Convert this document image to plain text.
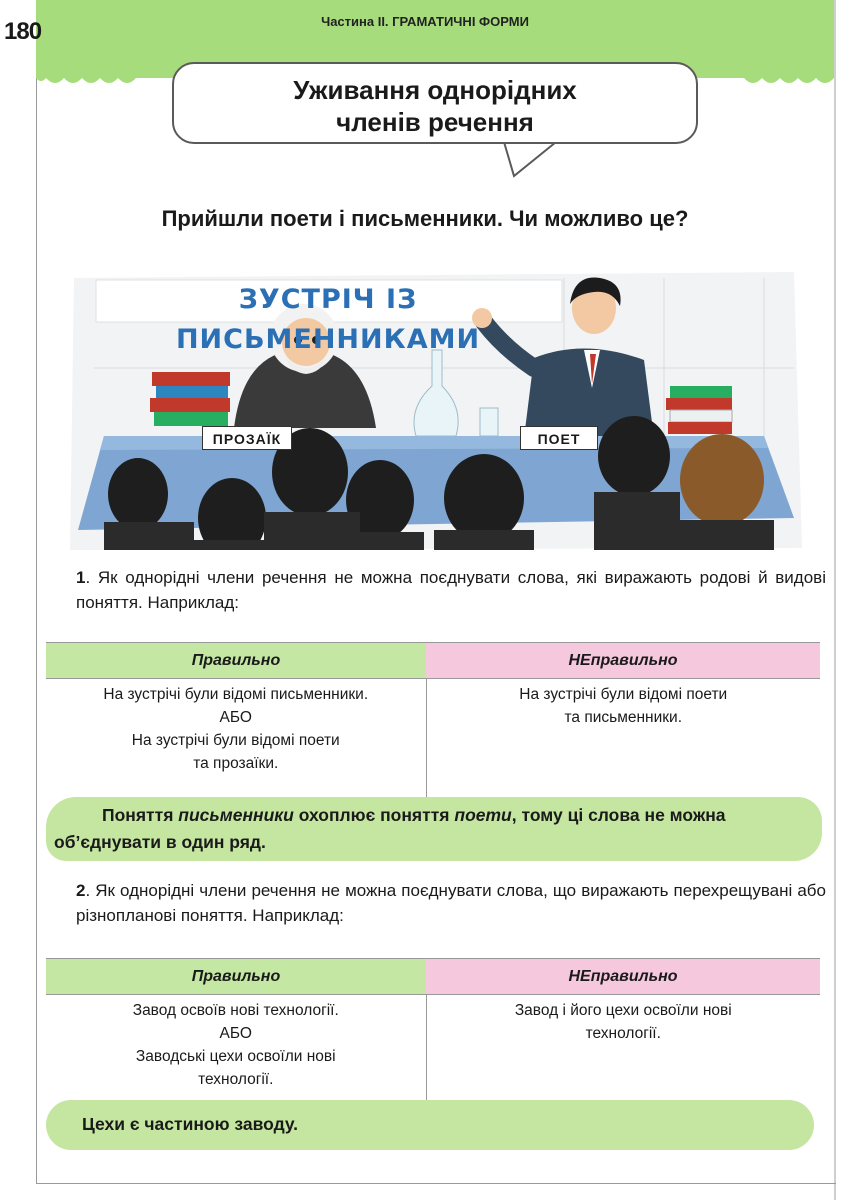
180	Частина ІІ. ГРАМАТИЧНІ ФОРМИ
Уживання однорідних
членів речення
Прийшли поети і письменники. Чи можливо це?
ЗУСТРІЧ ІЗ ПИСЬМЕННИКАМИ
ПРОЗАЇК	ПОЕТ
1. Як однорідні члени речення не можна поєднувати слова, які виражають родові й видові поняття. Наприклад:
Правильно	НЕправильно

На зустрічі були відомі письменники.
АБО
На зустрічі були відомі поети
та прозаїки.	На зустрічі були відомі поети
та письменники.
Поняття письменники охоплює поняття поети, тому ці слова не можна об’єднувати в один ряд.
2. Як однорідні члени речення не можна поєднувати слова, що виражають перехрещувані або різнопланові поняття. Наприклад:
Правильно	НЕправильно

Завод освоїв нові технології.
АБО
Заводські цехи освоїли нові
технології.	Завод і його цехи освоїли нові
технології.
Цехи є частиною заводу.
